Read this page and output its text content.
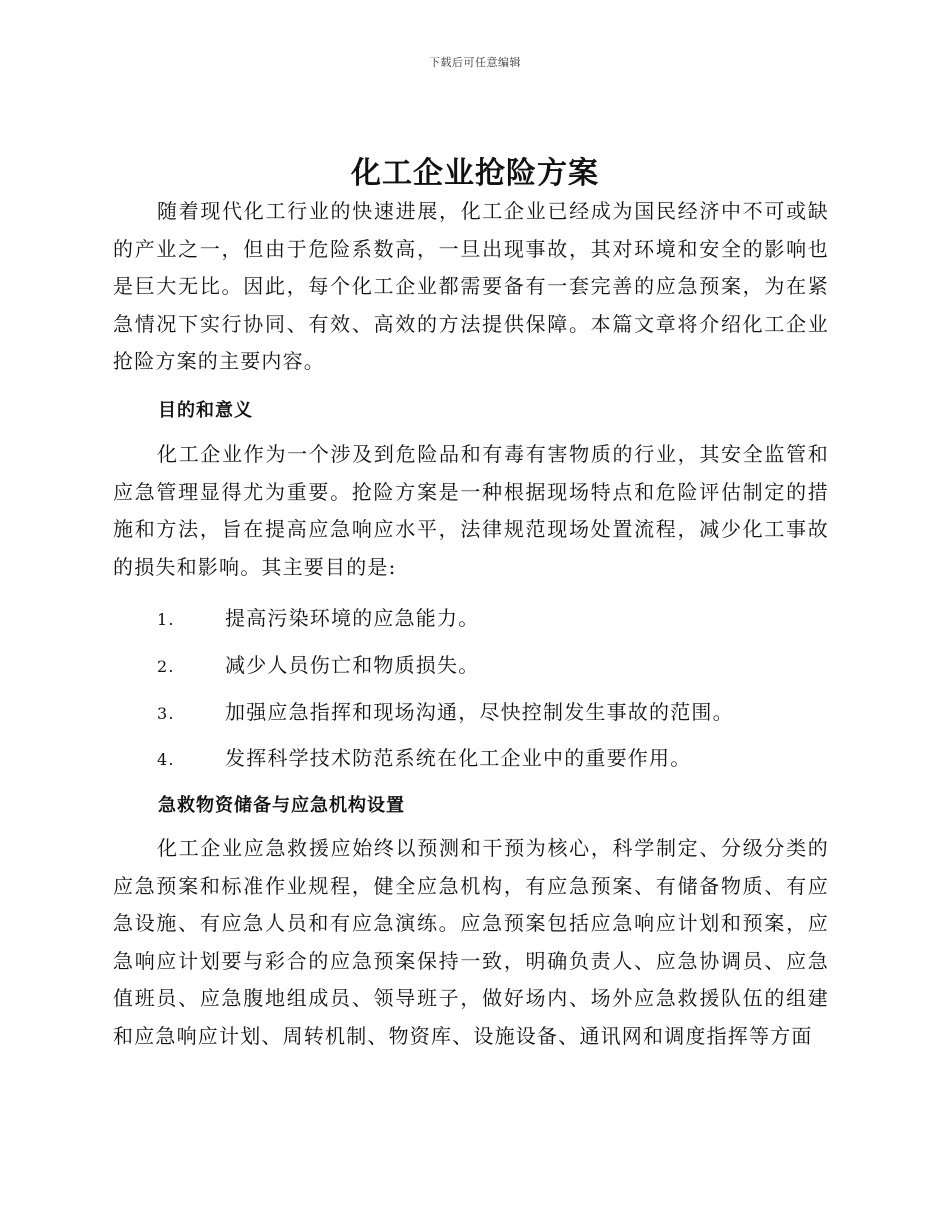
下载后可任意编辑
化工企业抢险方案
随着现代化工行业的快速进展，化工企业已经成为国民经济中不可或缺的产业之一，但由于危险系数高，一旦出现事故，其对环境和安全的影响也是巨大无比。因此，每个化工企业都需要备有一套完善的应急预案，为在紧急情况下实行协同、有效、高效的方法提供保障。本篇文章将介绍化工企业抢险方案的主要内容。
目的和意义
化工企业作为一个涉及到危险品和有毒有害物质的行业，其安全监管和应急管理显得尤为重要。抢险方案是一种根据现场特点和危险评估制定的措施和方法，旨在提高应急响应水平，法律规范现场处置流程，减少化工事故的损失和影响。其主要目的是:
1.	提高污染环境的应急能力。
2.	减少人员伤亡和物质损失。
3.	加强应急指挥和现场沟通，尽快控制发生事故的范围。
4.	发挥科学技术防范系统在化工企业中的重要作用。
急救物资储备与应急机构设置
化工企业应急救援应始终以预测和干预为核心，科学制定、分级分类的应急预案和标准作业规程，健全应急机构，有应急预案、有储备物质、有应急设施、有应急人员和有应急演练。应急预案包括应急响应计划和预案，应急响应计划要与彩合的应急预案保持一致，明确负责人、应急协调员、应急值班员、应急腹地组成员、领导班子，做好场内、场外应急救援队伍的组建和应急响应计划、周转机制、物资库、设施设备、通讯网和调度指挥等方面
